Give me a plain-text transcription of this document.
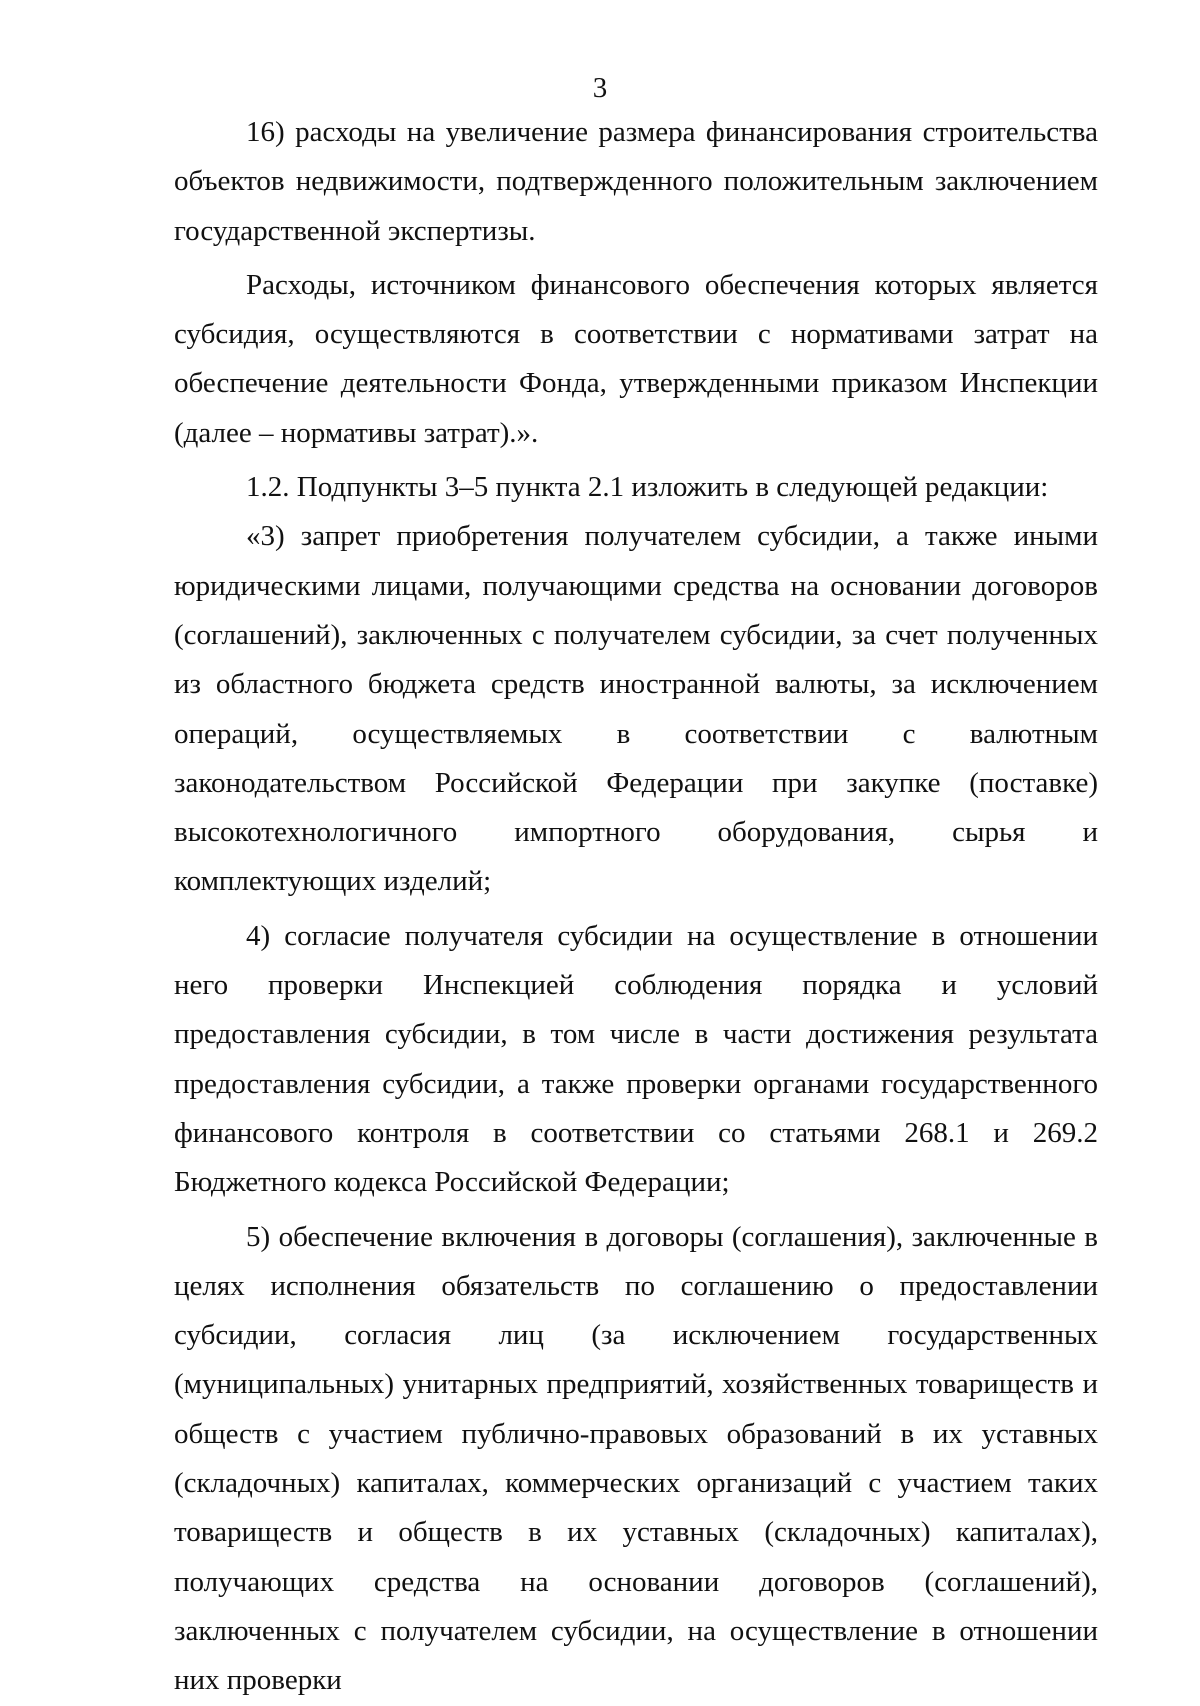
3

16) расходы на увеличение размера финансирования строительства объектов недвижимости, подтвержденного положительным заключением государственной экспертизы.

Расходы, источником финансового обеспечения которых является субсидия, осуществляются в соответствии с нормативами затрат на обеспечение деятельности Фонда, утвержденными приказом Инспекции (далее – нормативы затрат).».

1.2. Подпункты 3–5 пункта 2.1 изложить в следующей редакции:

«3) запрет приобретения получателем субсидии, а также иными юридическими лицами, получающими средства на основании договоров (соглашений), заключенных с получателем субсидии, за счет полученных из областного бюджета средств иностранной валюты, за исключением операций, осуществляемых в соответствии с валютным законодательством Российской Федерации при закупке (поставке) высокотехнологичного импортного оборудования, сырья и комплектующих изделий;

4) согласие получателя субсидии на осуществление в отношении него проверки Инспекцией соблюдения порядка и условий предоставления субсидии, в том числе в части достижения результата предоставления субсидии, а также проверки органами государственного финансового контроля в соответствии со статьями 268.1 и 269.2 Бюджетного кодекса Российской Федерации;

5) обеспечение включения в договоры (соглашения), заключенные в целях исполнения обязательств по соглашению о предоставлении субсидии, согласия лиц (за исключением государственных (муниципальных) унитарных предприятий, хозяйственных товариществ и обществ с участием публично-правовых образований в их уставных (складочных) капиталах, коммерческих организаций с участием таких товариществ и обществ в их уставных (складочных) капиталах), получающих средства на основании договоров (соглашений), заключенных с получателем субсидии, на осуществление в отношении них проверки
